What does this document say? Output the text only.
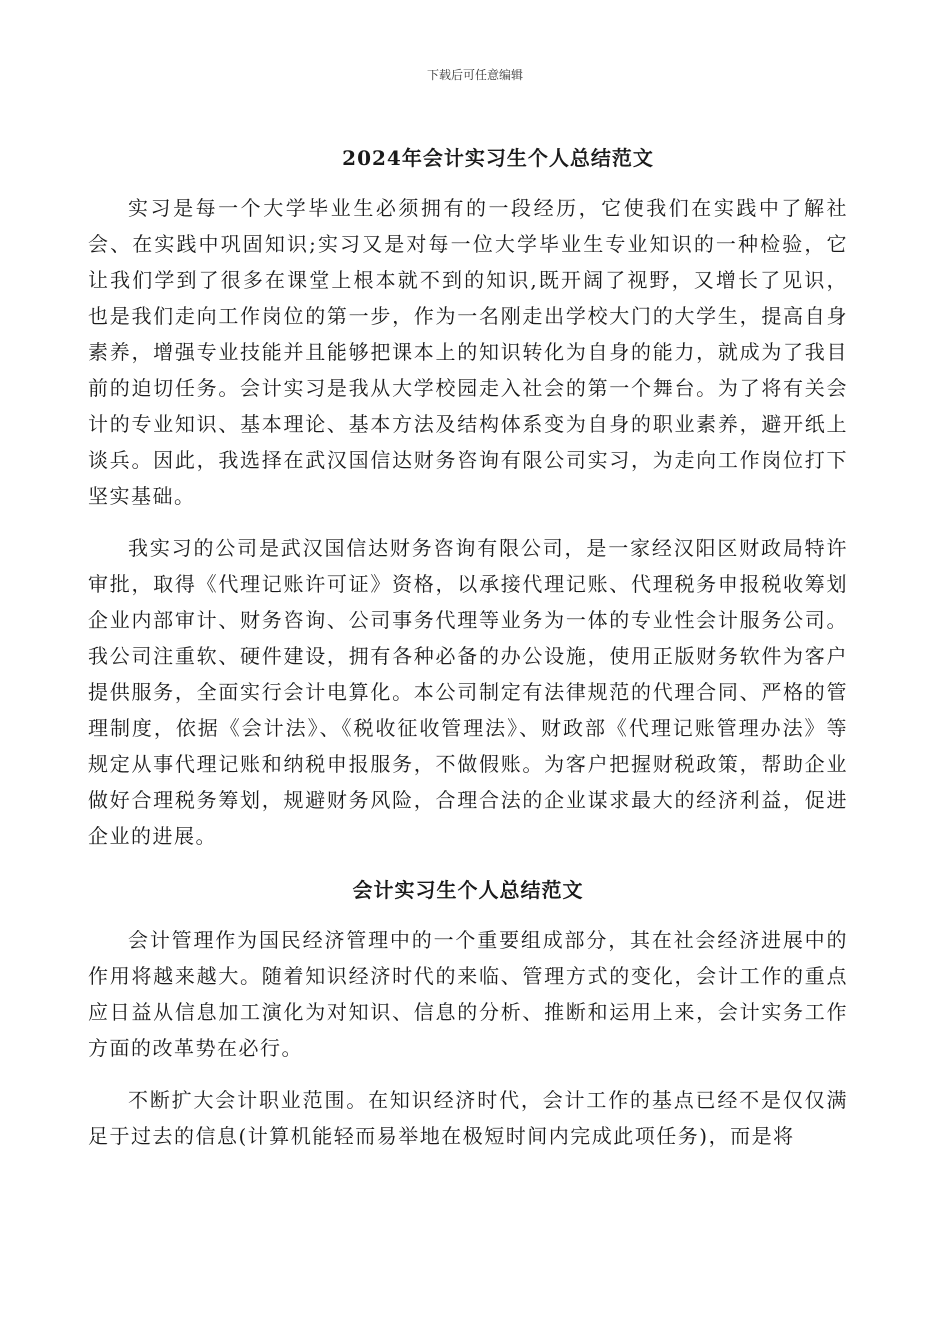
下载后可任意编辑
2024年会计实习生个人总结范文

实习是每一个大学毕业生必须拥有的一段经历，它使我们在实践中了解社会、在实践中巩固知识;实习又是对每一位大学毕业生专业知识的一种检验，它让我们学到了很多在课堂上根本就不到的知识,既开阔了视野，又增长了见识，也是我们走向工作岗位的第一步，作为一名刚走出学校大门的大学生，提高自身素养，增强专业技能并且能够把课本上的知识转化为自身的能力，就成为了我目前的迫切任务。会计实习是我从大学校园走入社会的第一个舞台。为了将有关会计的专业知识、基本理论、基本方法及结构体系变为自身的职业素养，避开纸上谈兵。因此，我选择在武汉国信达财务咨询有限公司实习，为走向工作岗位打下坚实基础。

我实习的公司是武汉国信达财务咨询有限公司，是一家经汉阳区财政局特许审批，取得《代理记账许可证》资格，以承接代理记账、代理税务申报税收筹划企业内部审计、财务咨询、公司事务代理等业务为一体的专业性会计服务公司。我公司注重软、硬件建设，拥有各种必备的办公设施，使用正版财务软件为客户提供服务，全面实行会计电算化。本公司制定有法律规范的代理合同、严格的管理制度，依据《会计法》、《税收征收管理法》、财政部《代理记账管理办法》等规定从事代理记账和纳税申报服务，不做假账。为客户把握财税政策，帮助企业做好合理税务筹划，规避财务风险，合理合法的企业谋求最大的经济利益，促进企业的进展。

会计实习生个人总结范文

会计管理作为国民经济管理中的一个重要组成部分，其在社会经济进展中的作用将越来越大。随着知识经济时代的来临、管理方式的变化，会计工作的重点应日益从信息加工演化为对知识、信息的分析、推断和运用上来，会计实务工作方面的改革势在必行。

不断扩大会计职业范围。在知识经济时代，会计工作的基点已经不是仅仅满足于过去的信息(计算机能轻而易举地在极短时间内完成此项任务)，而是将
